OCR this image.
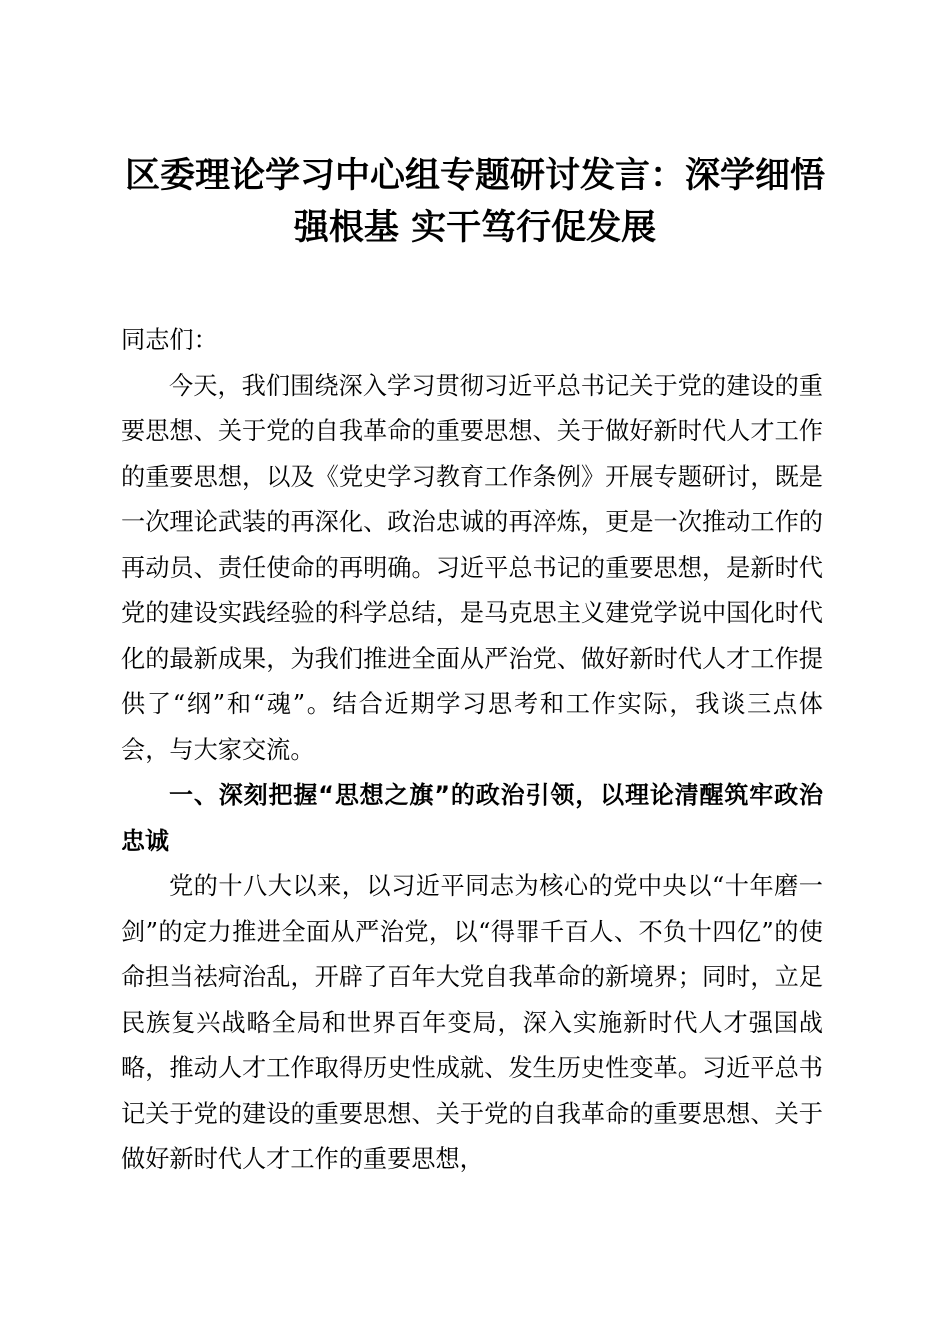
区委理论学习中心组专题研讨发言：深学细悟
强根基 实干笃行促发展

同志们：

今天，我们围绕深入学习贯彻习近平总书记关于党的建设的重要思想、关于党的自我革命的重要思想、关于做好新时代人才工作的重要思想，以及《党史学习教育工作条例》开展专题研讨，既是一次理论武装的再深化、政治忠诚的再淬炼，更是一次推动工作的再动员、责任使命的再明确。习近平总书记的重要思想，是新时代党的建设实践经验的科学总结，是马克思主义建党学说中国化时代化的最新成果，为我们推进全面从严治党、做好新时代人才工作提供了“纲”和“魂”。结合近期学习思考和工作实际，我谈三点体会，与大家交流。

一、深刻把握“思想之旗”的政治引领，以理论清醒筑牢政治忠诚

党的十八大以来，以习近平同志为核心的党中央以“十年磨一剑”的定力推进全面从严治党，以“得罪千百人、不负十四亿”的使命担当祛疴治乱，开辟了百年大党自我革命的新境界；同时，立足民族复兴战略全局和世界百年变局，深入实施新时代人才强国战略，推动人才工作取得历史性成就、发生历史性变革。习近平总书记关于党的建设的重要思想、关于党的自我革命的重要思想、关于做好新时代人才工作的重要思想，
